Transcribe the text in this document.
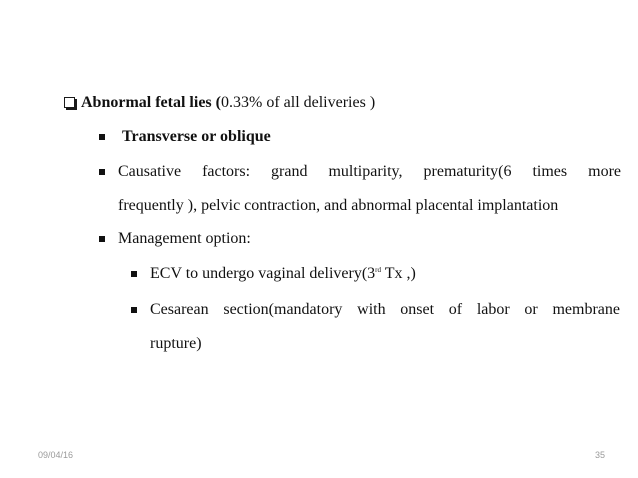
Abnormal fetal lies (0.33% of all deliveries )
Transverse or oblique
Causative factors: grand multiparity, prematurity(6 times more
frequently ), pelvic contraction, and abnormal placental implantation
Management option:
ECV to undergo vaginal delivery(3rd Tx ,)
Cesarean section(mandatory with onset of labor or membrane
rupture)
09/04/16	35
